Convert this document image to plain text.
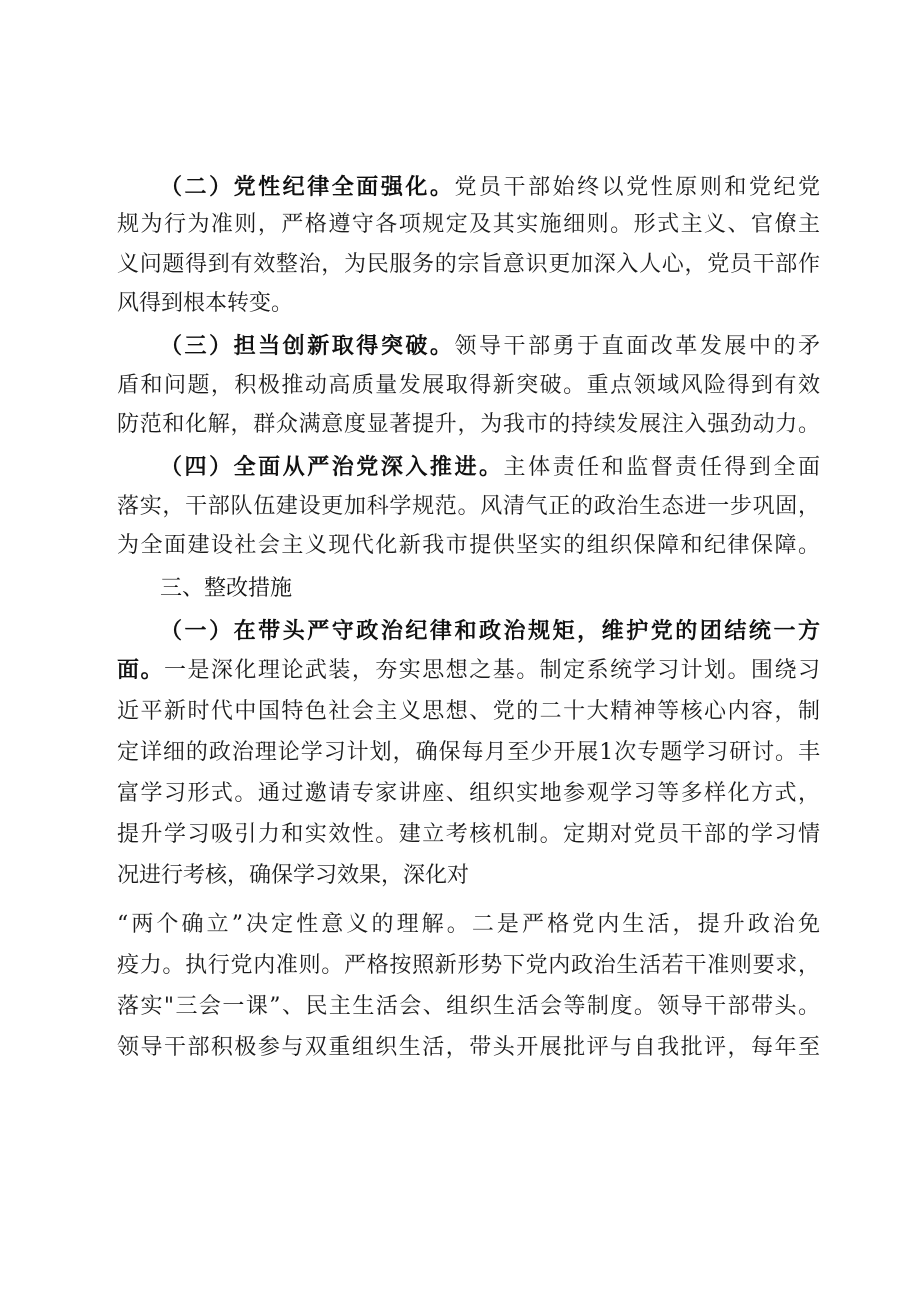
（二）党性纪律全面强化。党员干部始终以党性原则和党纪党
规为行为准则，严格遵守各项规定及其实施细则。形式主义、官僚主
义问题得到有效整治，为民服务的宗旨意识更加深入人心，党员干部作
风得到根本转变。
（三）担当创新取得突破。领导干部勇于直面改革发展中的矛
盾和问题，积极推动高质量发展取得新突破。重点领域风险得到有效
防范和化解，群众满意度显著提升，为我市的持续发展注入强劲动力。
（四）全面从严治党深入推进。主体责任和监督责任得到全面
落实，干部队伍建设更加科学规范。风清气正的政治生态进一步巩固，
为全面建设社会主义现代化新我市提供坚实的组织保障和纪律保障。
三、整改措施
（一）在带头严守政治纪律和政治规矩，维护党的团结统一方
面。一是深化理论武装，夯实思想之基。制定系统学习计划。围绕习
近平新时代中国特色社会主义思想、党的二十大精神等核心内容，制
定详细的政治理论学习计划，确保每月至少开展1次专题学习研讨。丰
富学习形式。通过邀请专家讲座、组织实地参观学习等多样化方式，
提升学习吸引力和实效性。建立考核机制。定期对党员干部的学习情
况进行考核，确保学习效果，深化对
“两个确立”决定性意义的理解。二是严格党内生活，提升政治免
疫力。执行党内准则。严格按照新形势下党内政治生活若干准则要求，
落实"三会一课”、民主生活会、组织生活会等制度。领导干部带头。
领导干部积极参与双重组织生活，带头开展批评与自我批评，每年至
